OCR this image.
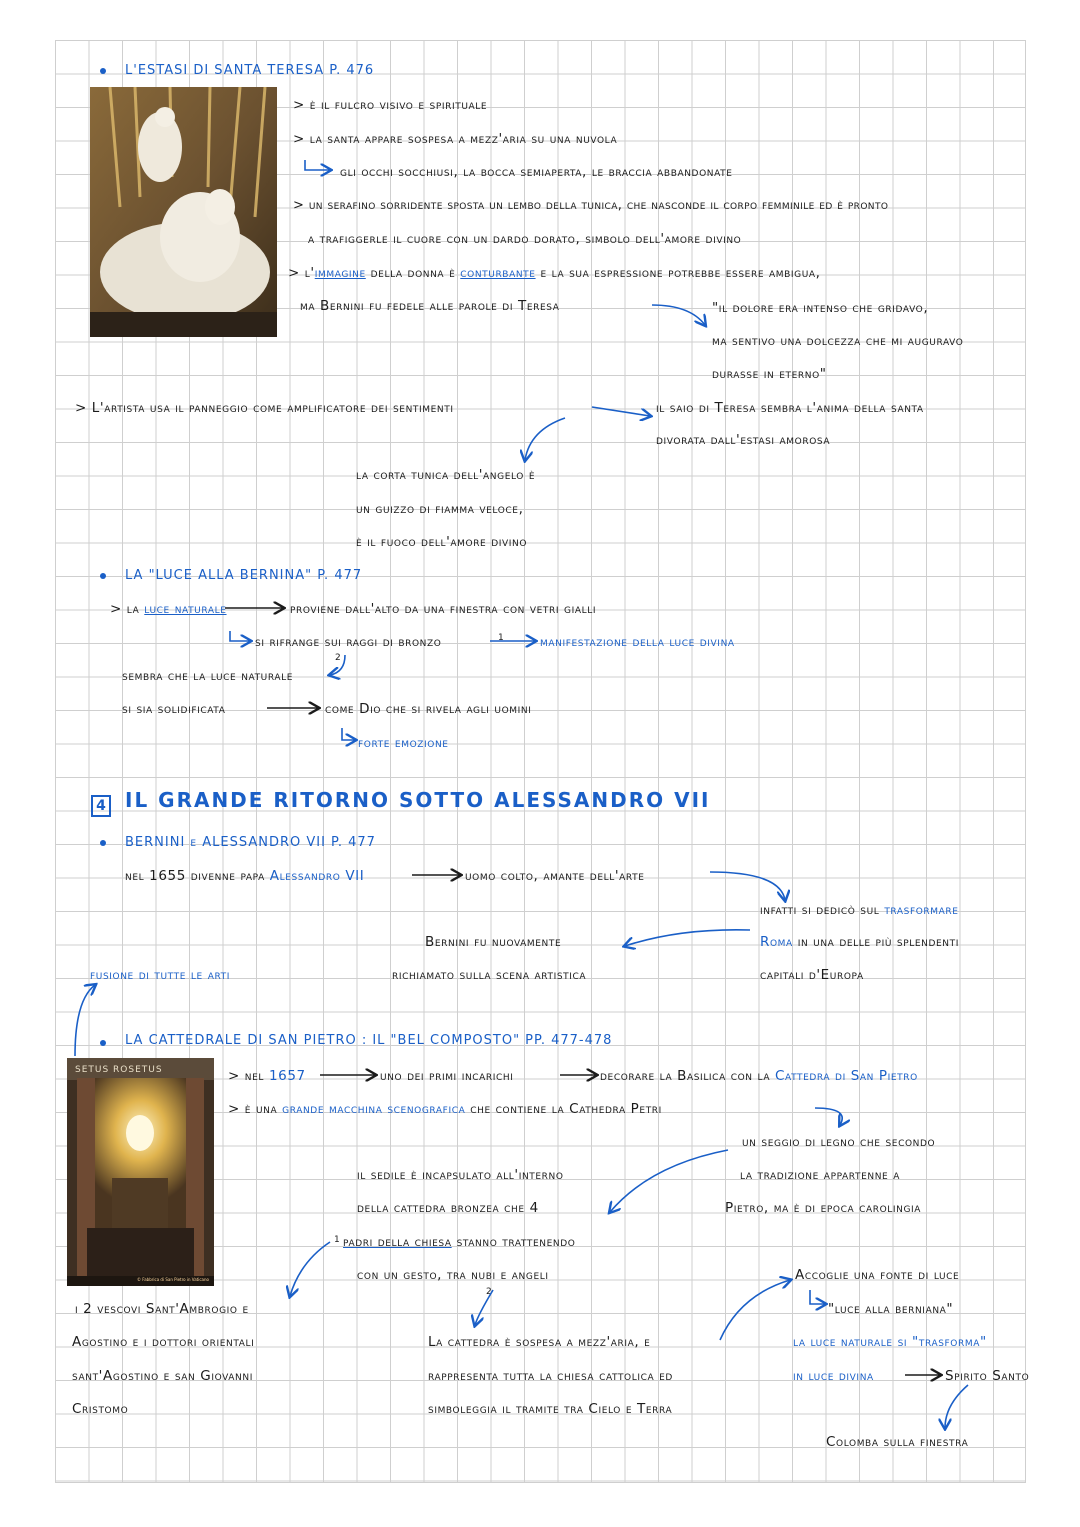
L'ESTASI DI SANTA TERESA P. 476
> è il fulcro visivo e spirituale
> la santa appare sospesa a mezz'aria su una nuvola
gli occhi socchiusi, la bocca semiaperta, le braccia abbandonate
> un serafino sorridente sposta un lembo della tunica, che nasconde il corpo femminile ed è pronto
a trafiggerle il cuore con un dardo dorato, simbolo dell'amore divino
> l'immagine della donna è conturbante e la sua espressione potrebbe essere ambigua,
ma Bernini fu fedele alle parole di Teresa	"il dolore era intenso che gridavo,
ma sentivo una dolcezza che mi auguravo
durasse in eterno"
> L'artista usa il panneggio come amplificatore dei sentimenti	il saio di Teresa sembra l'anima della santa
divorata dall'estasi amorosa
la corta tunica dell'angelo è
un guizzo di fiamma veloce,
è il fuoco dell'amore divino
LA "LUCE ALLA BERNINA" P. 477
> la luce naturale	proviene dall'alto da una finestra con vetri gialli
si rifrange sui raggi di bronzo	1	manifestazione della luce divina
2
sembra che la luce naturale
si sia solidificata	come Dio che si rivela agli uomini
forte emozione
4 IL GRANDE RITORNO SOTTO ALESSANDRO VII
BERNINI e ALESSANDRO VII P. 477
nel 1655 divenne papa Alessandro VII	uomo colto, amante dell'arte
infatti si dedicò sul trasformare
Roma in una delle più splendenti
capitali d'Europa
Bernini fu nuovamente
richiamato sulla scena artistica
fusione di tutte le arti
LA CATTEDRALE DI SAN PIETRO : IL "BEL COMPOSTO" PP. 477-478
SETUS ROSETUS
© Fabbrica di San Pietro in Vaticano
> nel 1657	uno dei primi incarichi	decorare la Basilica con la Cattedra di San Pietro
> è una grande macchina scenografica che contiene la Cathedra Petri
un seggio di legno che secondo
la tradizione appartenne a
Pietro, ma è di epoca carolingia
il sedile è incapsulato all'interno
della cattedra bronzea che 4
padri della chiesa stanno trattenendo
con un gesto, tra nubi e angeli
1
2
i 2 vescovi Sant'Ambrogio e
Agostino e i dottori orientali
sant'Agostino e san Giovanni
Cristomo
La cattedra è sospesa a mezz'aria, e
rappresenta tutta la chiesa cattolica ed
simboleggia il tramite tra Cielo e Terra
Accoglie una fonte di luce
"luce alla berniana"
la luce naturale si "trasforma"
in luce divina	Spirito Santo
Colomba sulla finestra
